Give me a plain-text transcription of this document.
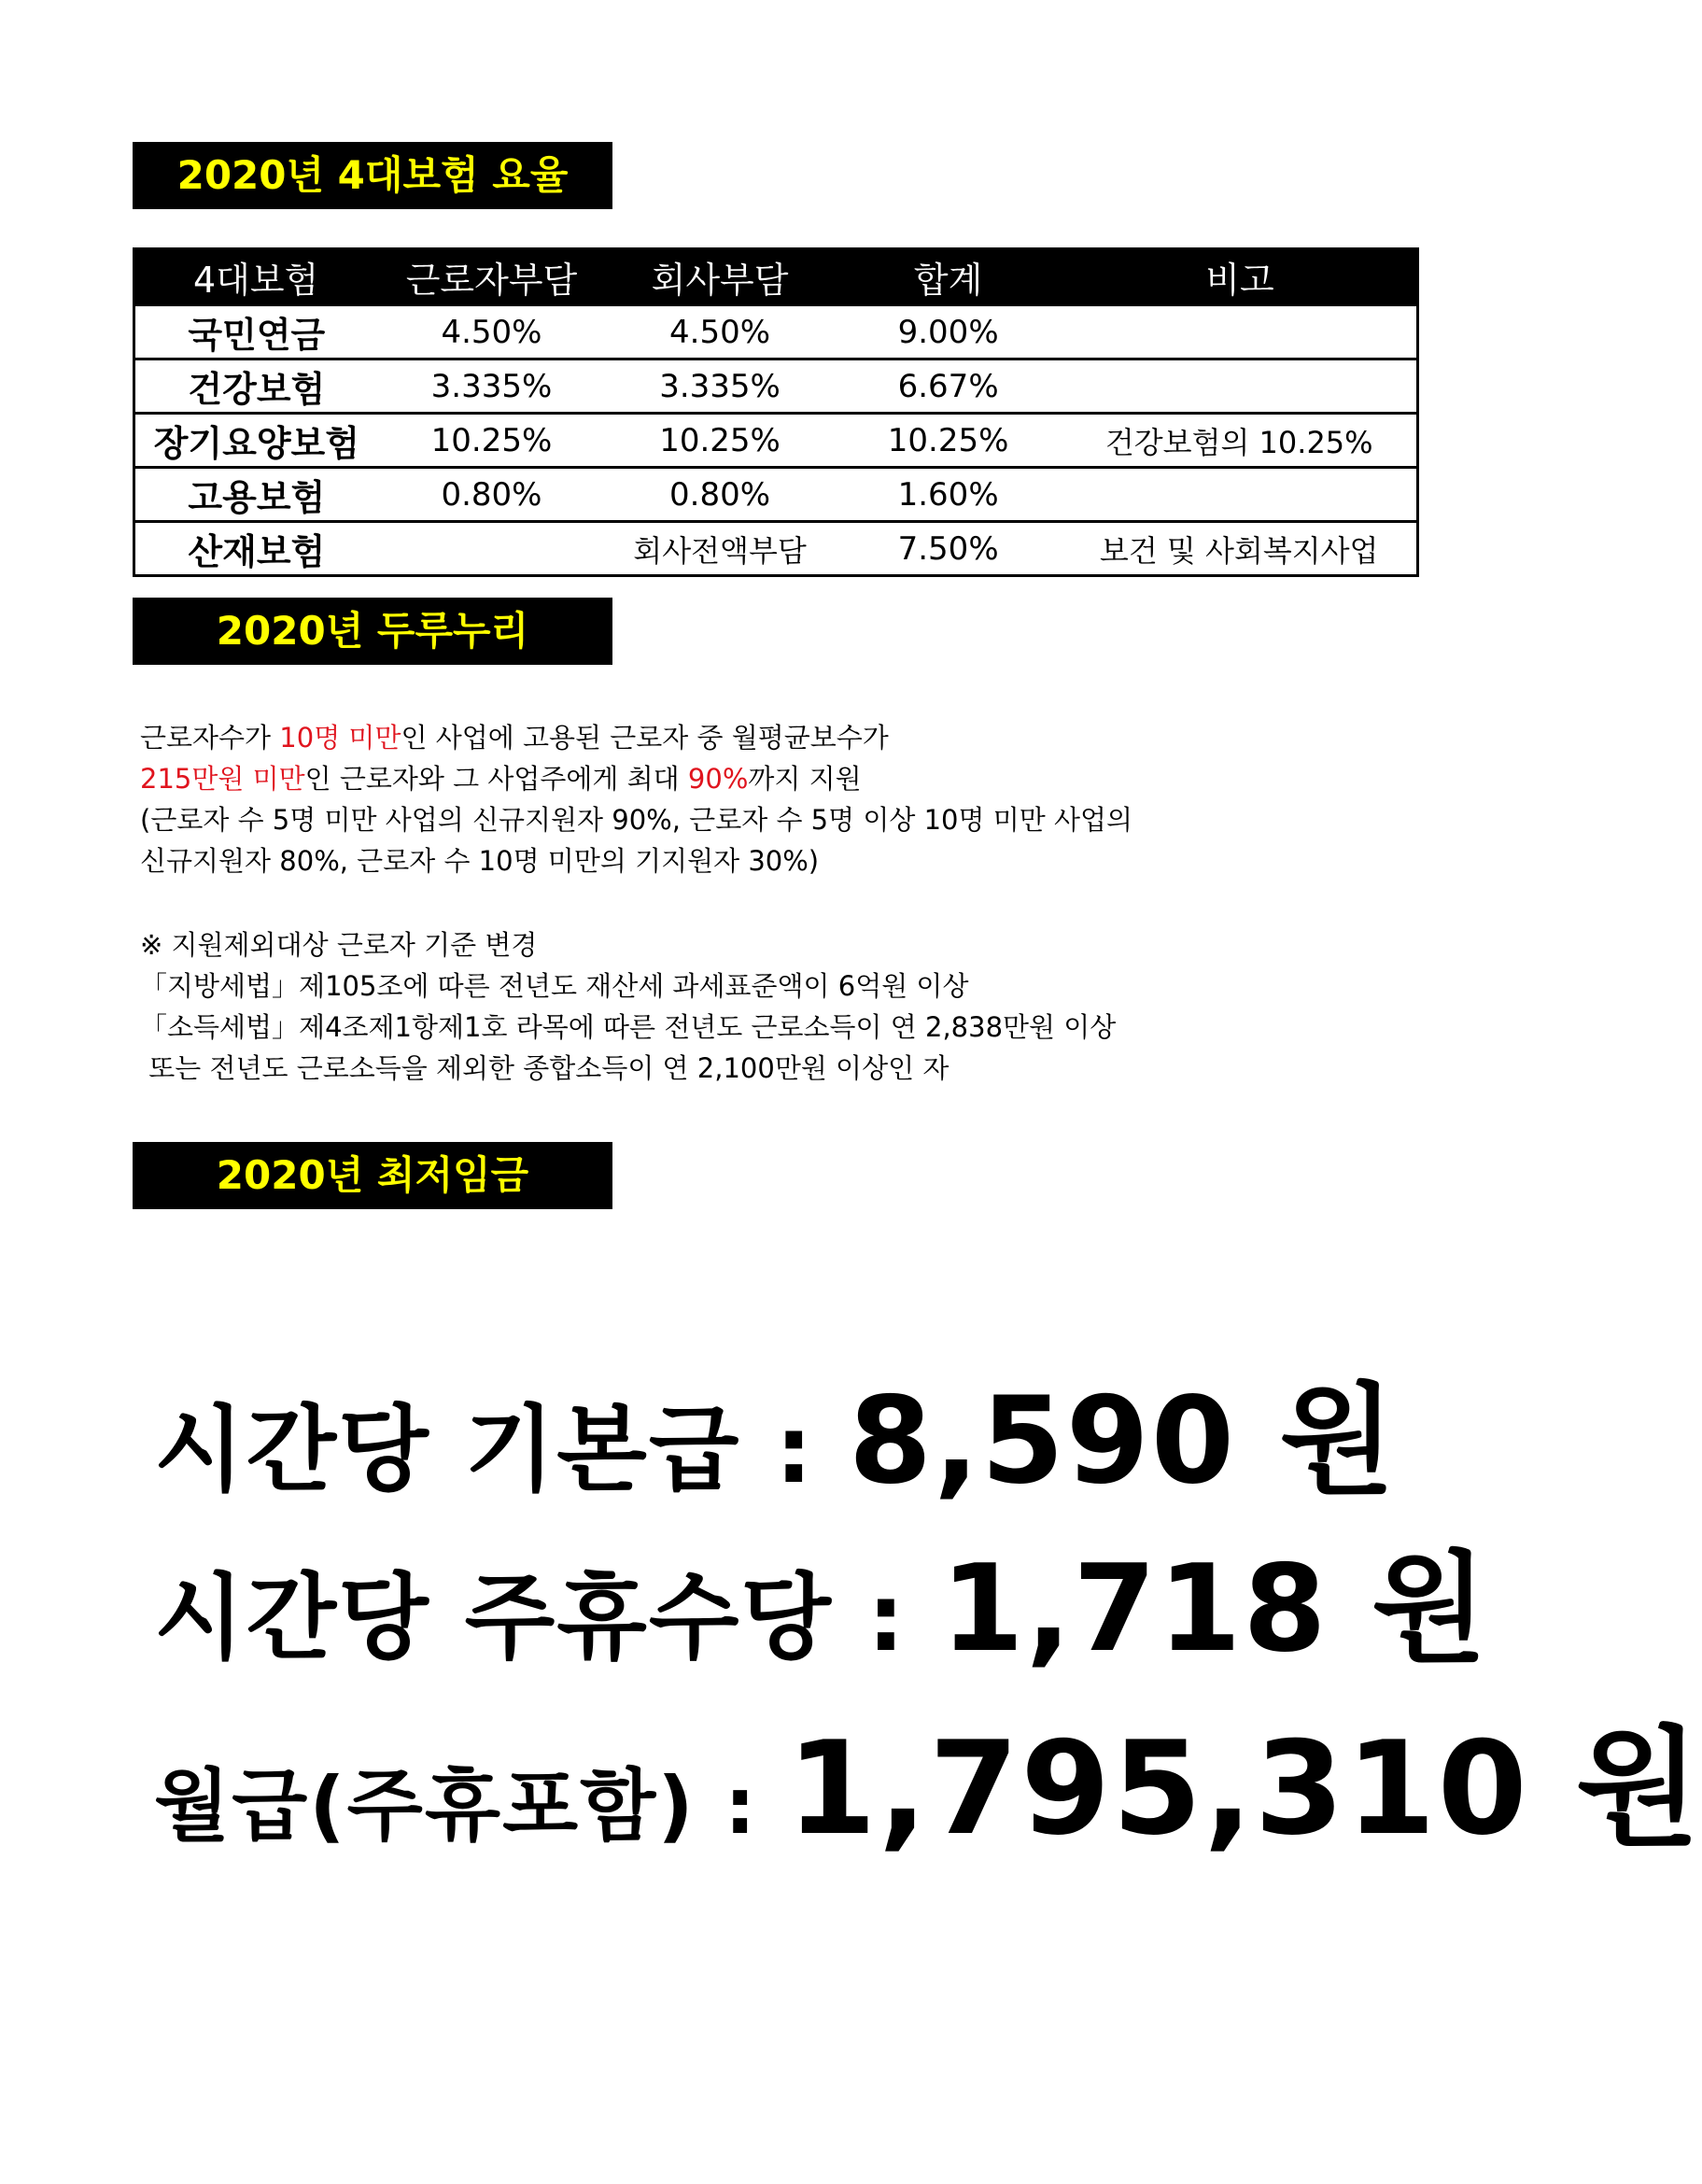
2020년 4대보험 요율
4대보험	근로자부담	회사부담	합계	비고
국민연금	4.50%	4.50%	9.00%	
건강보험	3.335%	3.335%	6.67%	
장기요양보험	10.25%	10.25%	10.25%	건강보험의 10.25%
고용보험	0.80%	0.80%	1.60%	
산재보험		회사전액부담	7.50%	보건 및 사회복지사업
2020년 두루누리
근로자수가 10명 미만인 사업에 고용된 근로자 중 월평균보수가
215만원 미만인 근로자와 그 사업주에게 최대 90%까지 지원
(근로자 수 5명 미만 사업의 신규지원자 90%, 근로자 수 5명 이상 10명 미만 사업의
신규지원자 80%, 근로자 수 10명 미만의 기지원자 30%)
※ 지원제외대상 근로자 기준 변경
「지방세법」제105조에 따른 전년도 재산세 과세표준액이 6억원 이상
「소득세법」제4조제1항제1호 라목에 따른 전년도 근로소득이 연 2,838만원 이상
또는 전년도 근로소득을 제외한 종합소득이 연 2,100만원 이상인 자
2020년 최저임금
시간당 기본급 : 8,590 원
시간당 주휴수당 : 1,718 원
월급(주휴포함) : 1,795,310 원
